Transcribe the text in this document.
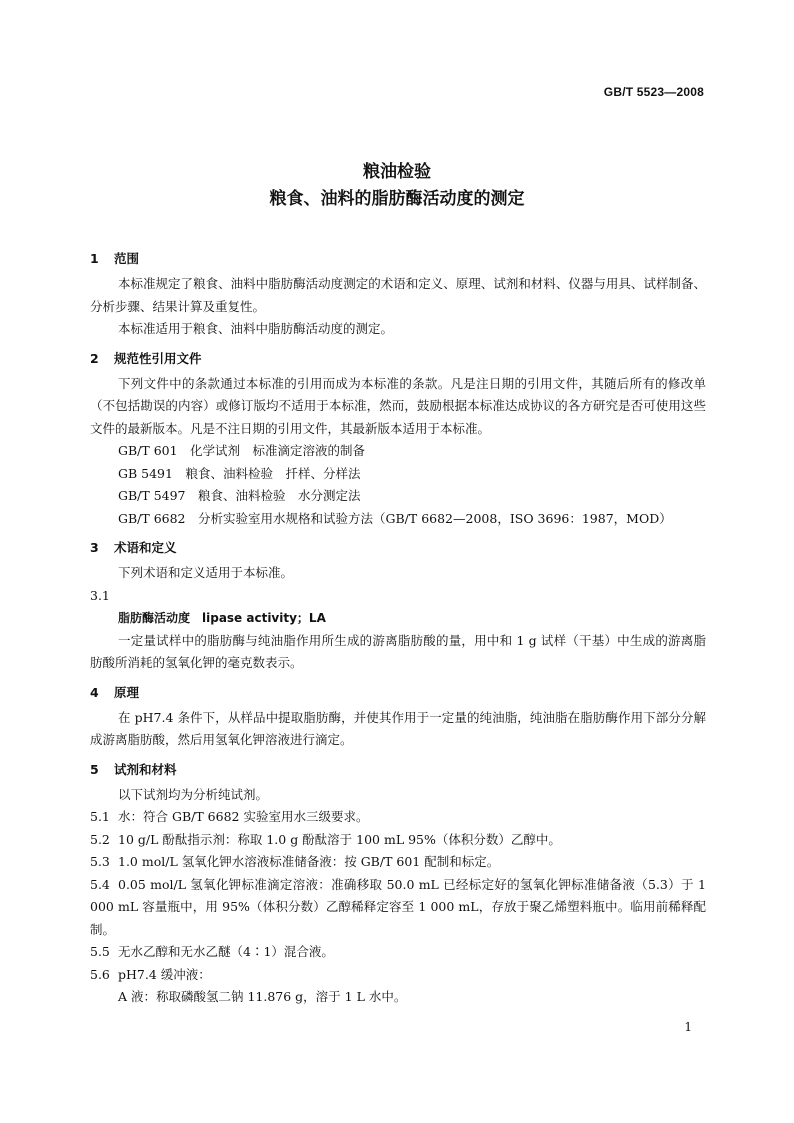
GB/T 5523—2008
粮油检验
粮食、油料的脂肪酶活动度的测定
1 范围
本标准规定了粮食、油料中脂肪酶活动度测定的术语和定义、原理、试剂和材料、仪器与用具、试样制备、分析步骤、结果计算及重复性。
本标准适用于粮食、油料中脂肪酶活动度的测定。
2 规范性引用文件
下列文件中的条款通过本标准的引用而成为本标准的条款。凡是注日期的引用文件，其随后所有的修改单（不包括勘误的内容）或修订版均不适用于本标准，然而，鼓励根据本标准达成协议的各方研究是否可使用这些文件的最新版本。凡是不注日期的引用文件，其最新版本适用于本标准。
GB/T 601　化学试剂　标准滴定溶液的制备
GB 5491　粮食、油料检验　扦样、分样法
GB/T 5497　粮食、油料检验　水分测定法
GB/T 6682　分析实验室用水规格和试验方法（GB/T 6682—2008，ISO 3696：1987，MOD）
3 术语和定义
下列术语和定义适用于本标准。
3.1
脂肪酶活动度　lipase activity；LA
一定量试样中的脂肪酶与纯油脂作用所生成的游离脂肪酸的量，用中和 1 g 试样（干基）中生成的游离脂肪酸所消耗的氢氧化钾的毫克数表示。
4 原理
在 pH7.4 条件下，从样品中提取脂肪酶，并使其作用于一定量的纯油脂，纯油脂在脂肪酶作用下部分分解成游离脂肪酸，然后用氢氧化钾溶液进行滴定。
5 试剂和材料
以下试剂均为分析纯试剂。
5.1 水：符合 GB/T 6682 实验室用水三级要求。
5.2 10 g/L 酚酞指示剂：称取 1.0 g 酚酞溶于 100 mL 95%（体积分数）乙醇中。
5.3 1.0 mol/L 氢氧化钾水溶液标准储备液：按 GB/T 601 配制和标定。
5.4 0.05 mol/L 氢氧化钾标准滴定溶液：准确移取 50.0 mL 已经标定好的氢氧化钾标准储备液（5.3）于 1 000 mL 容量瓶中，用 95%（体积分数）乙醇稀释定容至 1 000 mL，存放于聚乙烯塑料瓶中。临用前稀释配制。
5.5 无水乙醇和无水乙醚（4∶1）混合液。
5.6 pH7.4 缓冲液：
A 液：称取磷酸氢二钠 11.876 g，溶于 1 L 水中。
1
